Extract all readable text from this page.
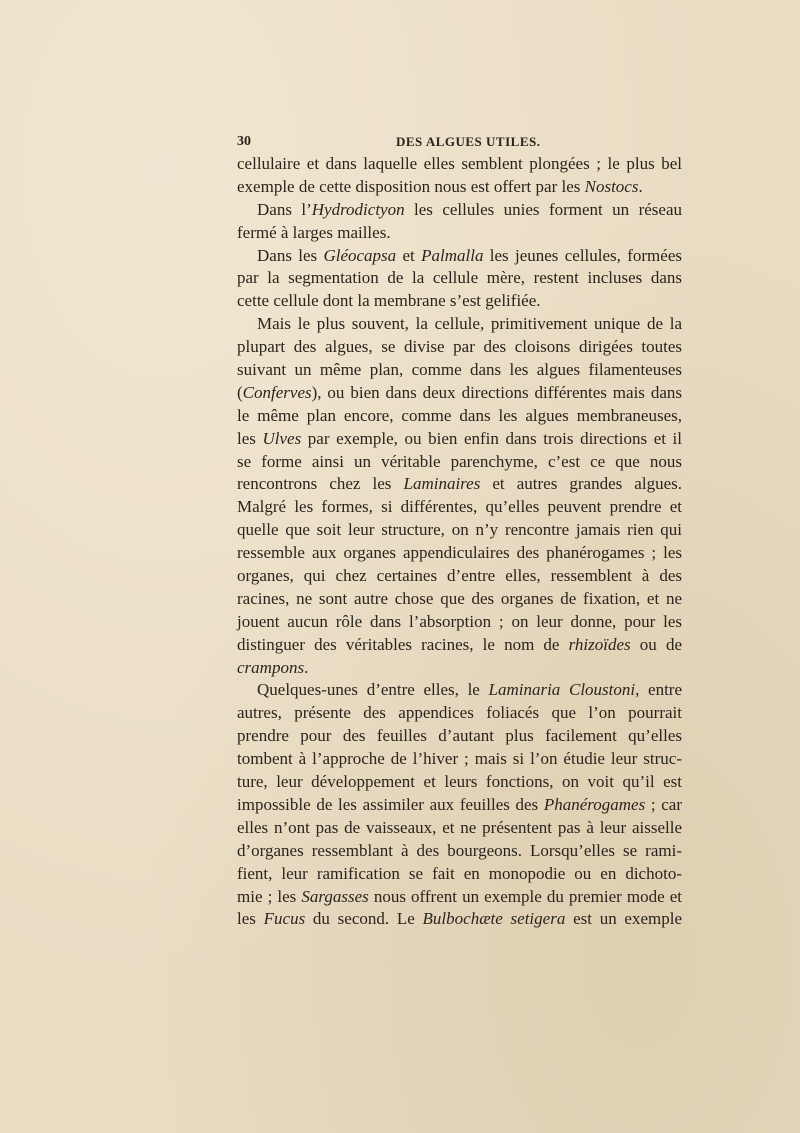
30	DES ALGUES UTILES.
cellulaire et dans laquelle elles semblent plongées ; le plus bel
exemple de cette disposition nous est offert par les Nostocs.
Dans l’Hydrodictyon les cellules unies forment un réseau
fermé à larges mailles.
Dans les Gléocapsa et Palmalla les jeunes cellules, formées
par la segmentation de la cellule mère, restent incluses dans
cette cellule dont la membrane s’est gelifiée.
Mais le plus souvent, la cellule, primitivement unique de la
plupart des algues, se divise par des cloisons dirigées toutes
suivant un même plan, comme dans les algues filamenteuses
(Conferves), ou bien dans deux directions différentes mais dans
le même plan encore, comme dans les algues membraneuses,
les Ulves par exemple, ou bien enfin dans trois directions et il
se forme ainsi un véritable parenchyme, c’est ce que nous
rencontrons chez les Laminaires et autres grandes algues.
Malgré les formes, si différentes, qu’elles peuvent prendre et
quelle que soit leur structure, on n’y rencontre jamais rien qui
ressemble aux organes appendiculaires des phanérogames ; les
organes, qui chez certaines d’entre elles, ressemblent à des
racines, ne sont autre chose que des organes de fixation, et ne
jouent aucun rôle dans l’absorption ; on leur donne, pour les
distinguer des véritables racines, le nom de rhizoïdes ou de
crampons.
Quelques-unes d’entre elles, le Laminaria Cloustoni, entre
autres, présente des appendices foliacés que l’on pourrait
prendre pour des feuilles d’autant plus facilement qu’elles
tombent à l’approche de l’hiver ; mais si l’on étudie leur struc-
ture, leur développement et leurs fonctions, on voit qu’il est
impossible de les assimiler aux feuilles des Phanérogames ; car
elles n’ont pas de vaisseaux, et ne présentent pas à leur aisselle
d’organes ressemblant à des bourgeons. Lorsqu’elles se rami-
fient, leur ramification se fait en monopodie ou en dichoto-
mie ; les Sargasses nous offrent un exemple du premier mode et
les Fucus du second. Le Bulbochæte setigera est un exemple
